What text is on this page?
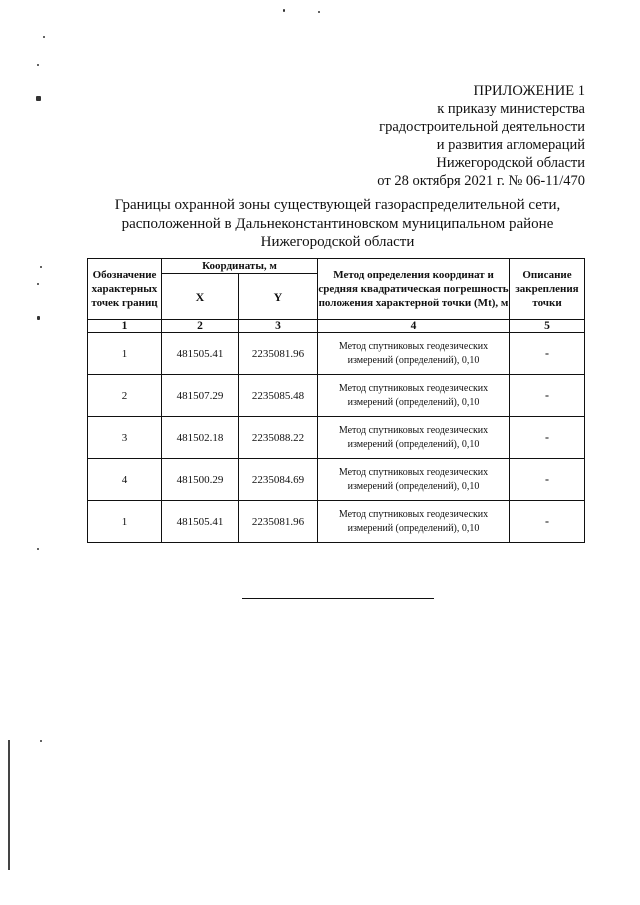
ПРИЛОЖЕНИЕ 1
к приказу министерства
градостроительной деятельности
и развития агломераций
Нижегородской области
от 28 октября 2021 г. № 06-11/470
Границы охранной зоны существующей газораспределительной сети,
расположенной в Дальнеконстантиновском муниципальном районе
Нижегородской области
Обозначение характерных точек границ	Координаты, м		Метод определения координат и средняя квадратическая погрешность положения характерной точки (Mt), м	Описание закрепления точки
	X	Y		
1	2	3	4	5
1	481505.41	2235081.96	Метод спутниковых геодезических измерений (определений), 0,10	-
2	481507.29	2235085.48	Метод спутниковых геодезических измерений (определений), 0,10	-
3	481502.18	2235088.22	Метод спутниковых геодезических измерений (определений), 0,10	-
4	481500.29	2235084.69	Метод спутниковых геодезических измерений (определений), 0,10	-
1	481505.41	2235081.96	Метод спутниковых геодезических измерений (определений), 0,10	-
